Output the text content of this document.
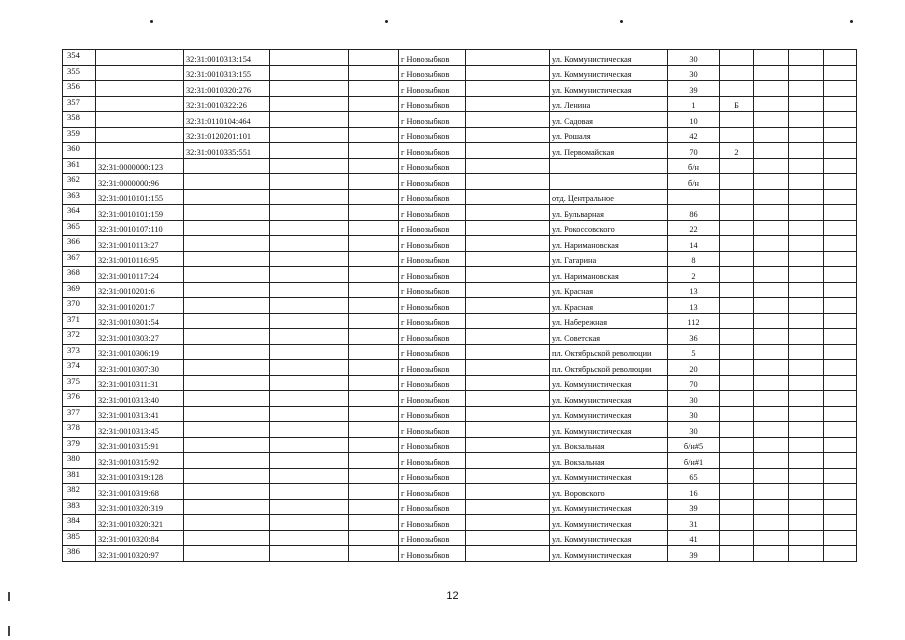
354		32:31:0010313:154			г Новозыбков		ул. Коммунистическая	30				
355		32:31:0010313:155			г Новозыбков		ул. Коммунистическая	30				
356		32:31:0010320:276			г Новозыбков		ул. Коммунистическая	39				
357		32:31:0010322:26			г Новозыбков		ул. Ленина	1	Б			
358		32:31:0110104:464			г Новозыбков		ул. Садовая	10				
359		32:31:0120201:101			г Новозыбков		ул. Рошаля	42				
360		32:31:0010335:551			г Новозыбков		ул. Первомайская	70	2			
361	32:31:0000000:123				г Новозыбков			б/н				
362	32:31:0000000:96				г Новозыбков			б/н				
363	32:31:0010101:155				г Новозыбков		отд. Центральное					
364	32:31:0010101:159				г Новозыбков		ул. Бульварная	86				
365	32:31:0010107:110				г Новозыбков		ул. Рокоссовского	22				
366	32:31:0010113:27				г Новозыбков		ул. Наримановская	14				
367	32:31:0010116:95				г Новозыбков		ул. Гагарина	8				
368	32:31:0010117:24				г Новозыбков		ул. Наримановская	2				
369	32:31:0010201:6				г Новозыбков		ул. Красная	13				
370	32:31:0010201:7				г Новозыбков		ул. Красная	13				
371	32:31:0010301:54				г Новозыбков		ул. Набережная	112				
372	32:31:0010303:27				г Новозыбков		ул. Советская	36				
373	32:31:0010306:19				г Новозыбков		пл. Октябрьской революции	5				
374	32:31:0010307:30				г Новозыбков		пл. Октябрьской революции	20				
375	32:31:0010311:31				г Новозыбков		ул. Коммунистическая	70				
376	32:31:0010313:40				г Новозыбков		ул. Коммунистическая	30				
377	32:31:0010313:41				г Новозыбков		ул. Коммунистическая	30				
378	32:31:0010313:45				г Новозыбков		ул. Коммунистическая	30				
379	32:31:0010315:91				г Новозыбков		ул. Вокзальная	б/н#5				
380	32:31:0010315:92				г Новозыбков		ул. Вокзальная	б/н#1				
381	32:31:0010319:128				г Новозыбков		ул. Коммунистическая	65				
382	32:31:0010319:68				г Новозыбков		ул. Воровского	16				
383	32:31:0010320:319				г Новозыбков		ул. Коммунистическая	39				
384	32:31:0010320:321				г Новозыбков		ул. Коммунистическая	31				
385	32:31:0010320:84				г Новозыбков		ул. Коммунистическая	41				
386	32:31:0010320:97				г Новозыбков		ул. Коммунистическая	39				
12
